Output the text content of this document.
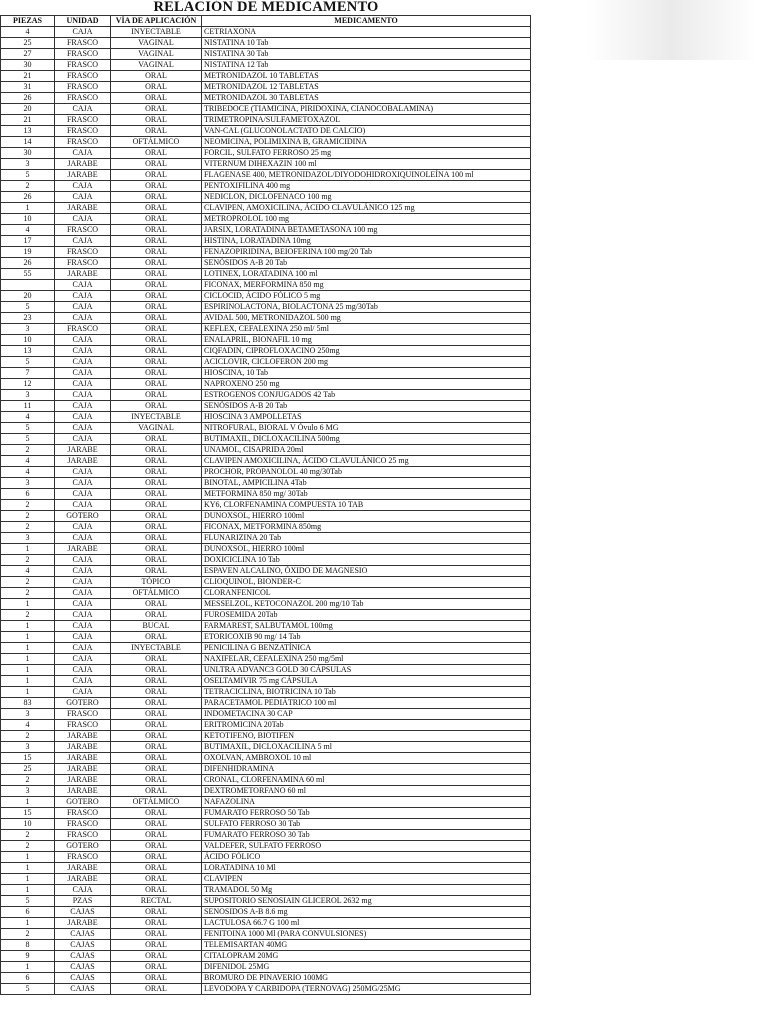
RELACIÓN DE MEDICAMENTO
PIEZAS	UNIDAD	VÍA DE APLICACIÓN	MEDICAMENTO
4	CAJA	INYECTABLE	CETRIAXONA
25	FRASCO	VAGINAL	NISTATINA 10 Tab
27	FRASCO	VAGINAL	NISTATINA 30 Tab
30	FRASCO	VAGINAL	NISTATINA 12 Tab
21	FRASCO	ORAL	METRONIDAZOL 10 TABLETAS
31	FRASCO	ORAL	METRONIDAZOL 12 TABLETAS
26	FRASCO	ORAL	METRONIDAZOL 30 TABLETAS
20	CAJA	ORAL	TRIBEDOCE (TIAMICINA, PIRIDOXINA, CIANOCOBALAMINA)
21	FRASCO	ORAL	TRIMETROPINA/SULFAMETOXAZOL
13	FRASCO	ORAL	VAN-CAL (GLUCONOLACTATO DE CALCIO)
14	FRASCO	OFTÁLMICO	NEOMICINA, POLIMIXINA B, GRAMICIDINA
30	CAJA	ORAL	FORCIL, SULFATO FERROSO 25 mg
3	JARABE	ORAL	VITERNUM DIHEXAZIN 100 ml
5	JARABE	ORAL	FLAGENASE 400, METRONIDAZOL/DIYODOHIDROXIQUINOLEÍNA 100 ml
2	CAJA	ORAL	PENTOXIFILINA 400 mg
26	CAJA	ORAL	NEDICLON, DICLOFENACO 100 mg
1	JARABE	ORAL	CLAVIPEN, AMOXICILINA, ÁCIDO CLAVULÁNICO 125 mg
10	CAJA	ORAL	METROPROLOL 100 mg
4	FRASCO	ORAL	JARSIX, LORATADINA BETAMETASONA 100 mg
17	CAJA	ORAL	HISTINA, LORATADINA 10mg
19	FRASCO	ORAL	FENAZOPIRIDINA, BEIOFERINA 100 mg/20 Tab
26	FRASCO	ORAL	SENÓSIDOS A-B 20 Tab
55	JARABE	ORAL	LOTINEX, LORATADINA 100 ml
	CAJA	ORAL	FICONAX, MERFORMINA 850 mg
20	CAJA	ORAL	CICLOCID, ÁCIDO FÓLICO 5 mg
5	CAJA	ORAL	ESPIRINOLACTONA, BIOLACTONA 25 mg/30Tab
23	CAJA	ORAL	AVIDAL 500, METRONIDAZOL 500 mg
3	FRASCO	ORAL	KEFLEX, CEFALEXINA 250 ml/ 5ml
10	CAJA	ORAL	ENALAPRIL, BIONAFIL 10 mg
13	CAJA	ORAL	CIQFADIN, CIPROFLOXACINO 250mg
5	CAJA	ORAL	ACICLOVIR, CICLOFERON 200 mg
7	CAJA	ORAL	HIOSCINA, 10 Tab
12	CAJA	ORAL	NAPROXENO 250 mg
3	CAJA	ORAL	ESTROGENOS CONJUGADOS 42 Tab
11	CAJA	ORAL	SENÓSIDOS A-B 20 Tab
4	CAJA	INYECTABLE	HIOSCINA 3 AMPOLLETAS
5	CAJA	VAGINAL	NITROFURAL, BIORAL V Óvulo 6 MG
5	CAJA	ORAL	BUTIMAXIL, DICLOXACILINA 500mg
2	JARABE	ORAL	UNAMOL, CISAPRIDA 20ml
4	JARABE	ORAL	CLAVIPEN AMOXICILINA, ÁCIDO CLAVULÁNICO 25 mg
4	CAJA	ORAL	PROCHOR, PROPANOLOL 40 mg/30Tab
3	CAJA	ORAL	BINOTAL, AMPICILINA 4Tab
6	CAJA	ORAL	METFORMINA 850 mg/ 30Tab
2	CAJA	ORAL	KY6, CLORFENAMINA COMPUESTA 10 TAB
2	GOTERO	ORAL	DUNOXSOL, HIERRO 100ml
2	CAJA	ORAL	FICONAX, METFORMINA 850mg
3	CAJA	ORAL	FLUNARIZINA 20 Tab
1	JARABE	ORAL	DUNOXSOL, HIERRO 100ml
2	CAJA	ORAL	DOXICICLINA 10 Tab
4	CAJA	ORAL	ESPAVEN ALCALINO, ÓXIDO DE MAGNESIO
2	CAJA	TÓPICO	CLIOQUINOL, BIONDER-C
2	CAJA	OFTÁLMICO	CLORANFENICOL
1	CAJA	ORAL	MESSELZOL, KETOCONAZOL 200 mg/10 Tab
2	CAJA	ORAL	FUROSEMIDA 20Tab
1	CAJA	BUCAL	FARMAREST, SALBUTAMOL 100mg
1	CAJA	ORAL	ETORICOXIB 90 mg/ 14 Tab
1	CAJA	INYECTABLE	PENICILINA G BENZATÍNICA
1	CAJA	ORAL	NAXIFELAR, CEFALEXINA 250 mg/5ml
1	CAJA	ORAL	UNLTRA ADVANC3 GOLD 30 CÁPSULAS
1	CAJA	ORAL	OSELTAMIVIR 75 mg CÁPSULA
1	CAJA	ORAL	TETRACICLINA, BIOTRICINA 10 Tab
83	GOTERO	ORAL	PARACETAMOL PEDIÁTRICO 100 ml
3	FRASCO	ORAL	INDOMETACINA 30 CAP
4	FRASCO	ORAL	ERITROMICINA 20Tab
2	JARABE	ORAL	KETOTIFENO, BIOTIFEN
3	JARABE	ORAL	BUTIMAXIL, DICLOXACILINA 5 ml
15	JARABE	ORAL	OXOLVAN, AMBROXOL 10 ml
25	JARABE	ORAL	DIFENHIDRAMINA
2	JARABE	ORAL	CRONAL, CLORFENAMINA 60 ml
3	JARABE	ORAL	DEXTROMETORFANO 60 ml
1	GOTERO	OFTÁLMICO	NAFAZOLINA
15	FRASCO	ORAL	FUMARATO FERROSO 50 Tab
10	FRASCO	ORAL	SULFATO FERROSO 30 Tab
2	FRASCO	ORAL	FUMARATO FERROSO 30 Tab
2	GOTERO	ORAL	VALDEFER, SULFATO FERROSO
1	FRASCO	ORAL	ÁCIDO FÓLICO
1	JARABE	ORAL	LORATADINA 10 Ml
1	JARABE	ORAL	CLAVIPEN
1	CAJA	ORAL	TRAMADOL 50 Mg
5	PZAS	RECTAL	SUPOSITORIO SENOSIAIN GLICEROL 2632 mg
6	CAJAS	ORAL	SENOSIDOS A-B 8.6 mg
1	JARABE	ORAL	LACTULOSA 66.7 G 100 ml
2	CAJAS	ORAL	FENITOINA 1000 Ml (PARA CONVULSIONES)
8	CAJAS	ORAL	TELEMISARTAN 40MG
9	CAJAS	ORAL	CITALOPRAM 20MG
1	CAJAS	ORAL	DIFENIDOL 25MG
6	CAJAS	ORAL	BROMURO DE PINAVERIO 100MG
5	CAJAS	ORAL	LEVODOPA Y CARBIDOPA (TERNOVAG) 250MG/25MG
